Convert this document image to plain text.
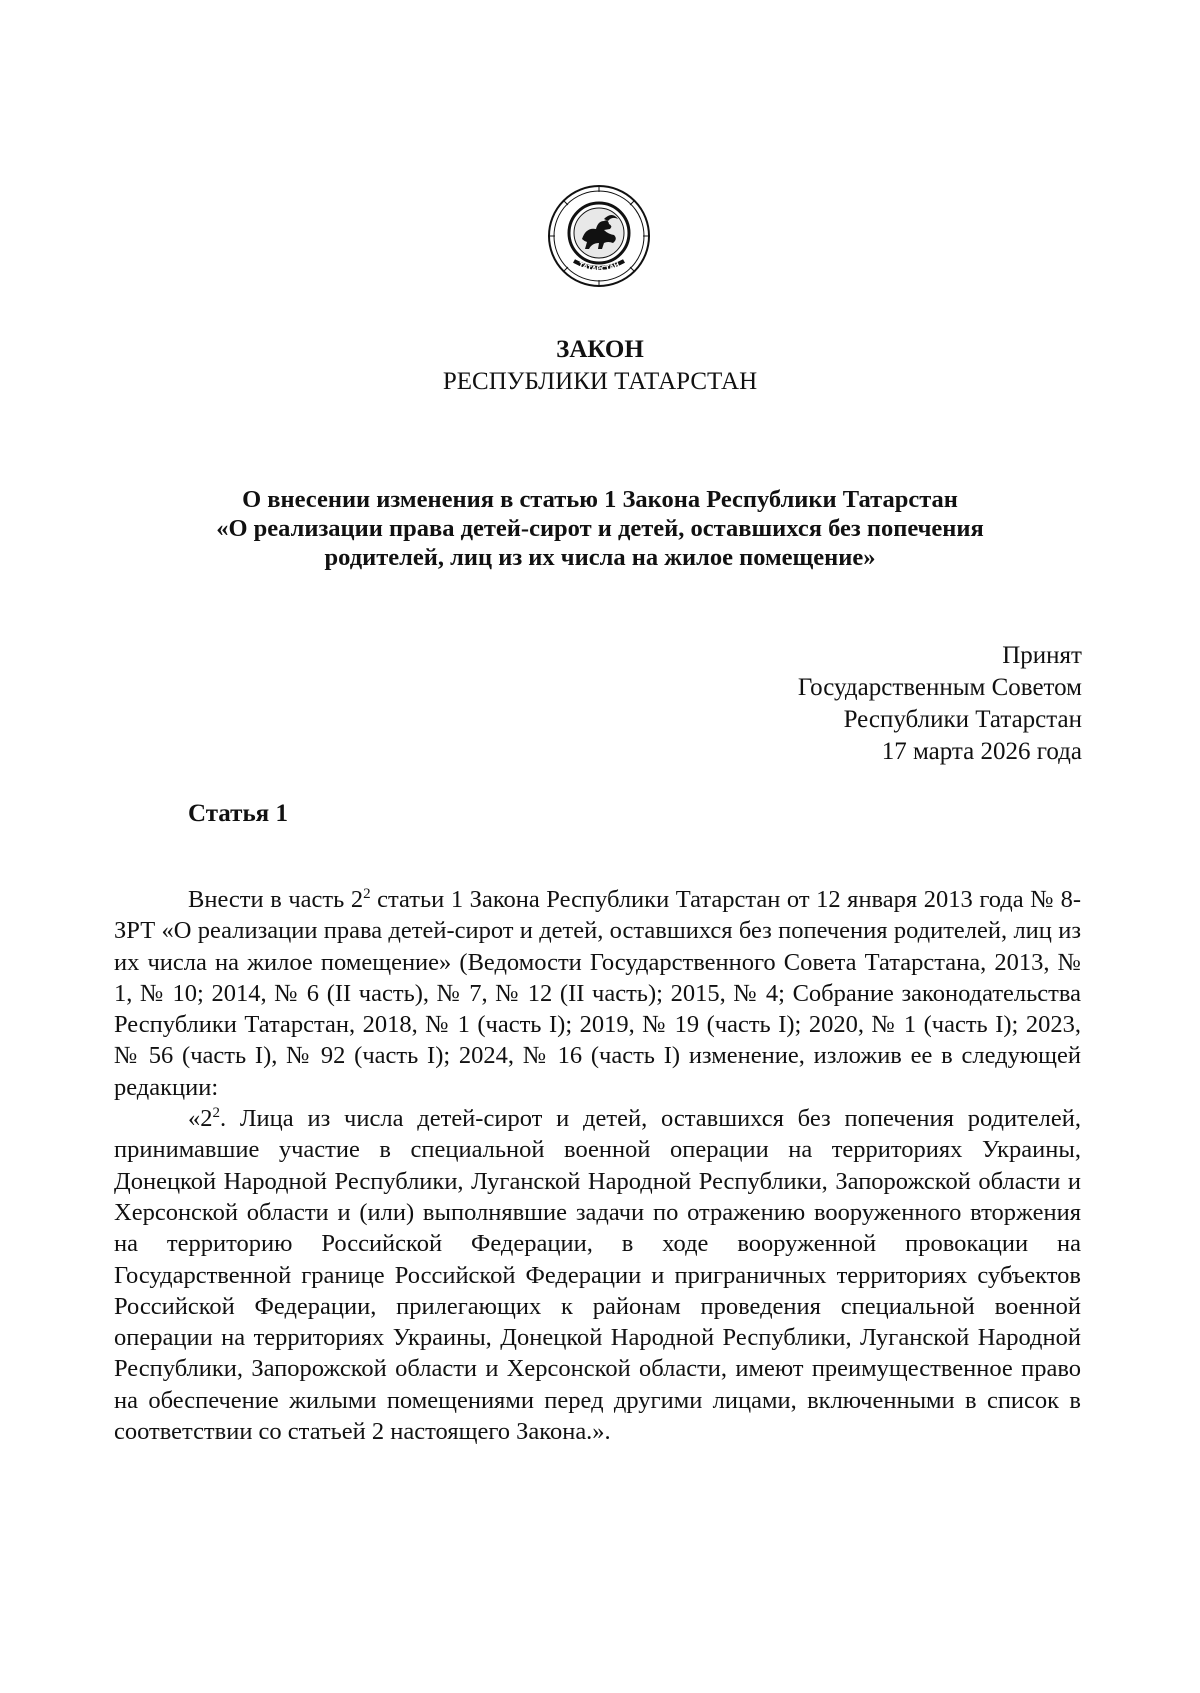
ТАТАРСТАН
ЗАКОН
РЕСПУБЛИКИ ТАТАРСТАН
О внесении изменения в статью 1 Закона Республики Татарстан
«О реализации права детей-сирот и детей, оставшихся без попечения
родителей, лиц из их числа на жилое помещение»
Принят
Государственным Советом
Республики Татарстан
17 марта 2026 года
Статья 1

Внести в часть $2^2$ статьи 1 Закона Республики Татарстан от 12 января 2013 года № 8-ЗРТ «О реализации права детей-сирот и детей, оставшихся без попечения родителей, лиц из их числа на жилое помещение» (Ведомости Государственного Совета Татарстана, 2013, № 1, № 10; 2014, № 6 (II часть), № 7, № 12 (II часть); 2015, № 4; Собрание законодательства Республики Татарстан, 2018, № 1 (часть I); 2019, № 19 (часть I); 2020, № 1 (часть I); 2023, № 56 (часть I), № 92 (часть I); 2024, № 16 (часть I) изменение, изложив ее в следующей редакции:

«$2^2$. Лица из числа детей-сирот и детей, оставшихся без попечения родителей, принимавшие участие в специальной военной операции на территориях Украины, Донецкой Народной Республики, Луганской Народной Республики, Запорожской области и Херсонской области и (или) выполнявшие задачи по отражению вооруженного вторжения на территорию Российской Федерации, в ходе вооруженной провокации на Государственной границе Российской Федерации и приграничных территориях субъектов Российской Федерации, прилегающих к районам проведения специальной военной операции на территориях Украины, Донецкой Народной Республики, Луганской Народной Республики, Запорожской области и Херсонской области, имеют преимущественное право на обеспечение жилыми помещениями перед другими лицами, включенными в список в соответствии со статьей 2 настоящего Закона.».
